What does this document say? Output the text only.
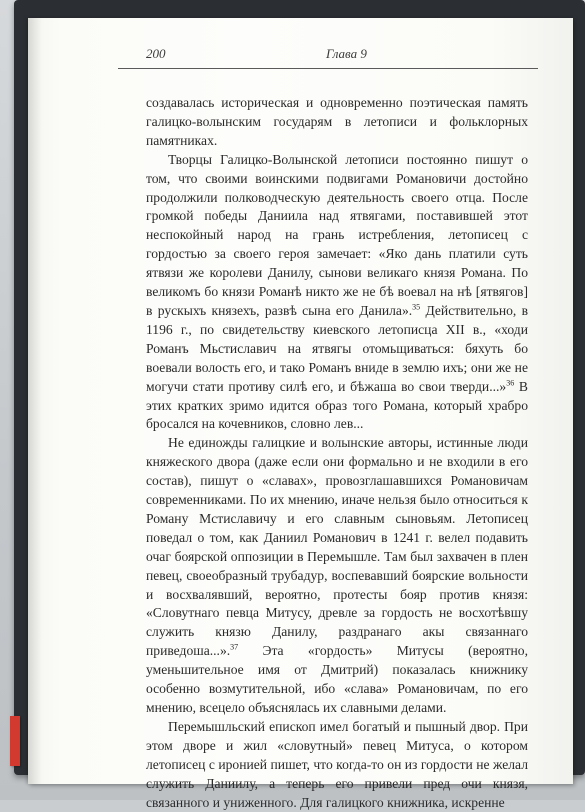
200	Глава 9

создавалась историческая и одновременно поэтическая память галицко-волынским государям в летописи и фольклорных памятниках.

Творцы Галицко-Волынской летописи постоянно пишут о том, что своими воинскими подвигами Романовичи достойно продолжили полководческую деятельность своего отца. После громкой победы Даниила над ятвягами, поставившей этот неспокойный народ на грань истребления, летописец с гордостью за своего героя замечает: «Яко дань платили суть ятвязи же королеви Данилу, сынови великаго князя Романа. По великомъ бо князи Романѣ никто же не бѣ воевал на нѣ [ятвягов] в рускыхъ князехъ, развѣ сына его Данила».$^{35}$ Действительно, в 1196 г., по свидетельству киевского летописца XII в., «ходи Романъ Мьстиславич на ятвягы отомьщиваться: бяхуть бо воевали волость его, и тако Романъ вниде в землю ихъ; они же не могучи стати противу силѣ его, и бѣжаша во свои тверди...»$^{36}$ В этих кратких зримо идится образ того Романа, который храбро бросался на кочевников, словно лев...

Не единожды галицкие и волынские авторы, истинные люди княжеского двора (даже если они формально и не входили в его состав), пишут о «славах», провозглашавшихся Романовичам современниками. По их мнению, иначе нельзя было относиться к Роману Мстиславичу и его славным сыновьям. Летописец поведал о том, как Даниил Романович в 1241 г. велел подавить очаг боярской оппозиции в Перемышле. Там был захвачен в плен певец, своеобразный трубадур, воспевавший боярские вольности и восхвалявший, вероятно, протесты бояр против князя: «Словутнаго певца Митусу, древле за гордость не восхотѣвшу служить князю Данилу, раздранаго акы связаннаго приведоша...».$^{37}$ Эта «гордость» Митусы (вероятно, уменьшительное имя от Дмитрий) показалась книжнику особенно возмутительной, ибо «слава» Романовичам, по его мнению, всецело объяснялась их славными делами.

Перемышльский епископ имел богатый и пышный двор. При этом дворе и жил «словутный» певец Митуса, о котором летописец с иронией пишет, что когда-то он из гордости не желал служить Даниилу, а теперь его привели пред очи князя, связанного и униженного. Для галицкого книжника, искренне
